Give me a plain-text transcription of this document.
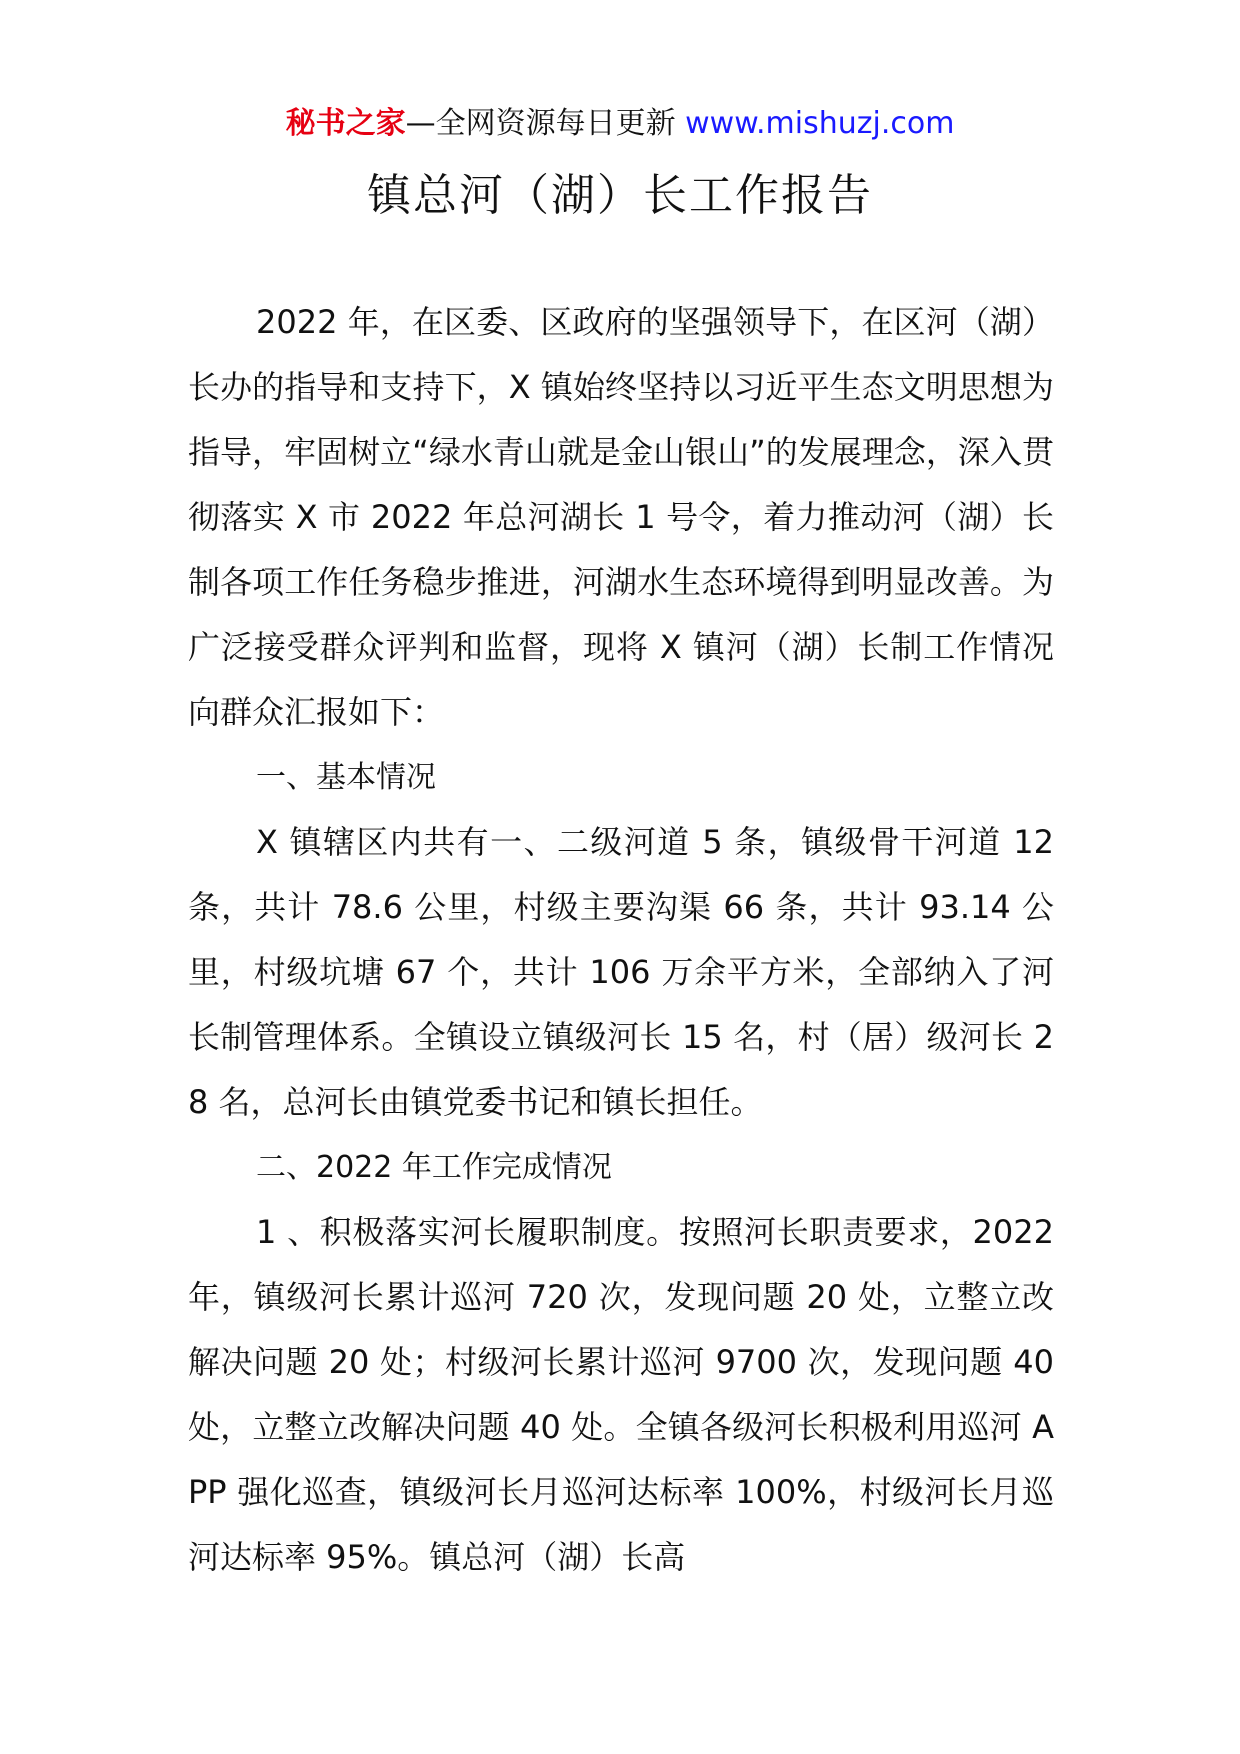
秘书之家—全网资源每日更新 www.mishuzj.com
镇总河（湖）长工作报告

2022 年，在区委、区政府的坚强领导下，在区河（湖）长办的指导和支持下，X 镇始终坚持以习近平生态文明思想为指导，牢固树立“绿水青山就是金山银山”的发展理念，深入贯彻落实 X 市 2022 年总河湖长 1 号令，着力推动河（湖）长制各项工作任务稳步推进，河湖水生态环境得到明显改善。为广泛接受群众评判和监督，现将 X 镇河（湖）长制工作情况向群众汇报如下：

一、基本情况

X 镇辖区内共有一、二级河道 5 条，镇级骨干河道 12 条，共计 78.6 公里，村级主要沟渠 66 条，共计 93.14 公里，村级坑塘 67 个，共计 106 万余平方米，全部纳入了河长制管理体系。全镇设立镇级河长 15 名，村（居）级河长 28 名，总河长由镇党委书记和镇长担任。

二、2022 年工作完成情况

1 、积极落实河长履职制度。按照河长职责要求，2022 年，镇级河长累计巡河 720 次，发现问题 20 处，立整立改解决问题 20 处；村级河长累计巡河 9700 次，发现问题 40 处，立整立改解决问题 40 处。全镇各级河长积极利用巡河 APP 强化巡查，镇级河长月巡河达标率 100%，村级河长月巡河达标率 95%。镇总河（湖）长高
